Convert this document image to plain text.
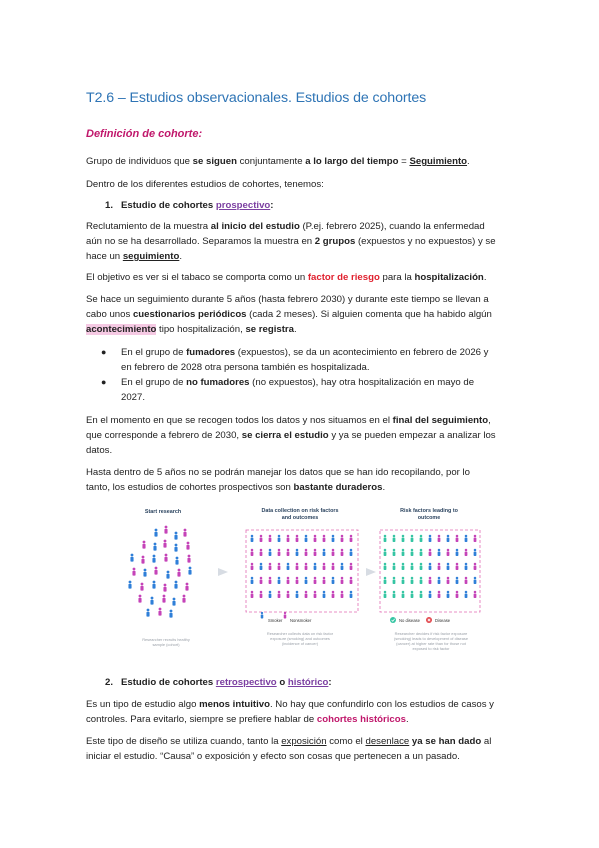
T2.6 – Estudios observacionales. Estudios de cohortes
Definición de cohorte:
Grupo de individuos que se siguen conjuntamente a lo largo del tiempo = Seguimiento.
Dentro de los diferentes estudios de cohortes, tenemos:
1. Estudio de cohortes prospectivo:
Reclutamiento de la muestra al inicio del estudio (P.ej. febrero 2025), cuando la enfermedad
aún no se ha desarrollado. Separamos la muestra en 2 grupos (expuestos y no expuestos) y se
hace un seguimiento.
El objetivo es ver si el tabaco se comporta como un factor de riesgo para la hospitalización.
Se hace un seguimiento durante 5 años (hasta febrero 2030) y durante este tiempo se llevan a
cabo unos cuestionarios periódicos (cada 2 meses). Si alguien comenta que ha habido algún
acontecimiento tipo hospitalización, se registra.
● En el grupo de fumadores (expuestos), se da un acontecimiento en febrero de 2026 y
en febrero de 2028 otra persona también es hospitalizada.
● En el grupo de no fumadores (no expuestos), hay otra hospitalización en mayo de
2027.
En el momento en que se recogen todos los datos y nos situamos en el final del seguimiento,
que corresponde a febrero de 2030, se cierra el estudio y ya se pueden empezar a analizar los
datos.
Hasta dentro de 5 años no se podrán manejar los datos que se han ido recopilando, por lo
tanto, los estudios de cohortes prospectivos son bastante duraderos.
Start research	Data collection on risk factors
and outcomes
Risk factors leading to
outcome
Smoker Nonsmoker	No disease	Disease
Researcher recruits healthy
sample (cohort)
Researcher collects data on risk factor
exposure (smoking) and outcomes
(incidence of cancer)
Researcher decides if risk factor exposure
(smoking) leads to development of disease
(cancer) at higher rate than for those not
exposed to risk factor
2. Estudio de cohortes retrospectivo o histórico:
Es un tipo de estudio algo menos intuitivo. No hay que confundirlo con los estudios de casos y
controles. Para evitarlo, siempre se prefiere hablar de cohortes históricos.
Este tipo de diseño se utiliza cuando, tanto la exposición como el desenlace ya se han dado al
iniciar el estudio. “Causa” o exposición y efecto son cosas que pertenecen a un pasado.
